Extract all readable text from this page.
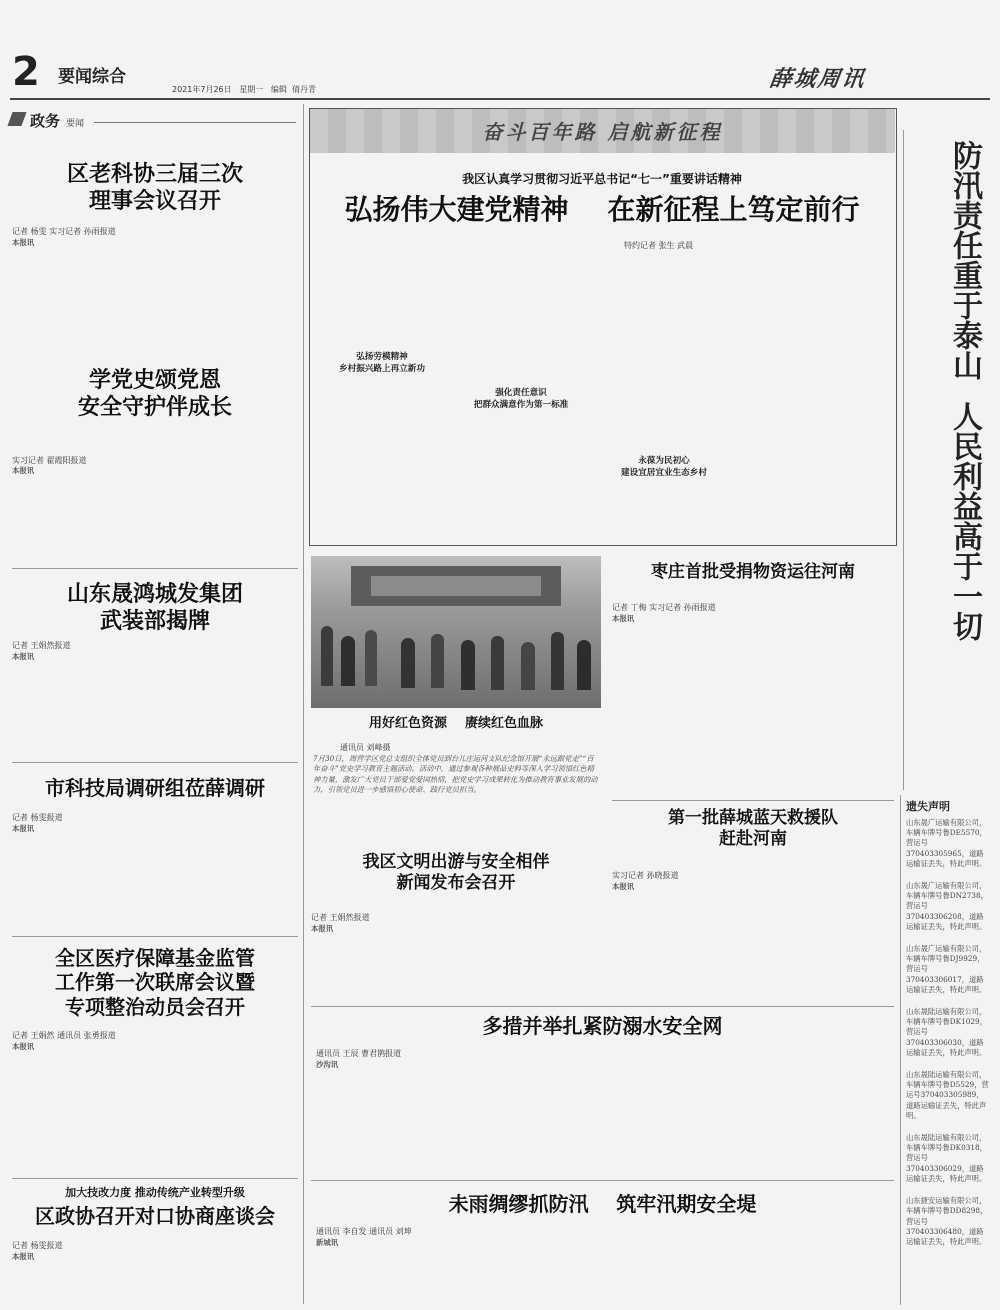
2 要闻综合
2021年7月26日 星期一 编辑 倩丹青	薛城周讯
政务 要闻
区老科协三届三次
理事会议召开
记者 杨雯 实习记者 孙雨报道
本报讯
学党史颂党恩
安全守护伴成长
实习记者 翟霞阳报道
本报讯
山东晟鸿城发集团
武装部揭牌
记者 王娟然报道
本报讯
市科技局调研组莅薛调研
记者 杨雯报道
本报讯
全区医疗保障基金监管
工作第一次联席会议暨
专项整治动员会召开
记者 王娟然 通讯员 张勇报道
本报讯
加大技改力度 推动传统产业转型升级
区政协召开对口协商座谈会
记者 杨雯报道
本报讯
奋斗百年路 启航新征程
我区认真学习贯彻习近平总书记“七一”重要讲话精神
弘扬伟大建党精神    在新征程上笃定前行
特约记者 张生 武晨
弘扬劳模精神
乡村振兴路上再立新功
强化责任意识
把群众满意作为第一标准
永葆为民初心
建设宜居宜业生态乡村	防汛责任重于泰山  人民利益高于一切
用好红色资源    赓续红色血脉
通讯员 刘峰摄
7月30日，周营学区党总支组织全体党员到台儿庄运河支队纪念馆开展“永远跟党走”“百年奋斗”党史学习教育主题活动。活动中，通过参观各种展品史料等深入学习领悟红色精神力量，激发广大党员干部爱党爱国热情，把党史学习成果转化为推动教育事业发展的动力，引领党员进一步感悟初心使命、践行党员担当。
枣庄首批受捐物资运往河南
记者 丁梅 实习记者 孙雨报道
本报讯
第一批薛城蓝天救援队
赶赴河南
实习记者 孙晓报道
本报讯
我区文明出游与安全相伴
新闻发布会召开
记者 王娟然报道
本报讯
多措并举扎紧防溺水安全网
通讯员 王辰 曹君鹊报道
沙沟讯
未雨绸缪抓防汛    筑牢汛期安全堤
通讯员 李自发 通讯员 刘坤
新城讯
遗失声明
山东晟广运输有限公司，车辆车牌号鲁DE5570，营运号370403305965，道路运输证丢失，特此声明。
山东晟广运输有限公司，车辆车牌号鲁DN2738，营运号370403306208，道路运输证丢失，特此声明。
山东晟广运输有限公司，车辆车牌号鲁DJ9929，营运号370403306017，道路运输证丢失，特此声明。
山东晟陆运输有限公司，车辆车牌号鲁DK1029，营运号370403306030，道路运输证丢失，特此声明。
山东晟陆运输有限公司，车辆车牌号鲁D5529，营运号370403305989，道路运输证丢失，特此声明。
山东晟陆运输有限公司，车辆车牌号鲁DK0318，营运号370403306029，道路运输证丢失，特此声明。
山东捷安运输有限公司，车辆车牌号鲁DD8298，营运号370403306480，道路运输证丢失，特此声明。
